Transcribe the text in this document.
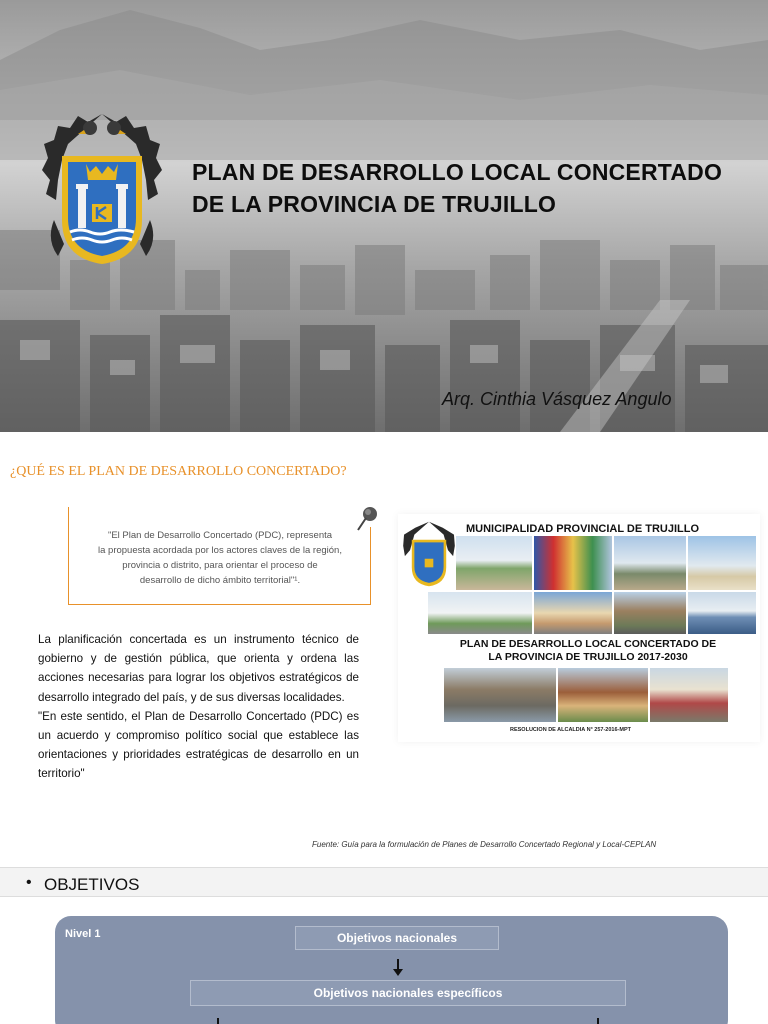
PLAN DE DESARROLLO LOCAL CONCERTADO
DE LA PROVINCIA DE TRUJILLO
Arq. Cinthia Vásquez Angulo
¿QUÉ ES EL PLAN DE DESARROLLO CONCERTADO?
"El Plan de Desarrollo Concertado (PDC), representa
la propuesta acordada por los actores claves de la región,
provincia o distrito, para orientar el proceso de
desarrollo de dicho ámbito territorial"¹.

La planificación concertada es un instrumento técnico de gobierno y de gestión pública, que orienta y ordena las acciones necesarias para lograr los objetivos estratégicos de desarrollo integrado del país, y de sus diversas localidades.

"En este sentido, el Plan de Desarrollo Concertado (PDC) es un acuerdo y compromiso político social que establece las orientaciones y prioridades estratégicas de desarrollo en un territorio"

MUNICIPALIDAD PROVINCIAL DE TRUJILLO
PLAN DE DESARROLLO LOCAL CONCERTADO DE
LA PROVINCIA DE TRUJILLO 2017-2030
RESOLUCION DE ALCALDIA N° 257-2016-MPT
Fuente: Guía para la formulación de Planes de Desarrollo Concertado Regional y Local-CEPLAN
• OBJETIVOS
Nivel 1	Objetivos nacionales
Objetivos nacionales específicos
